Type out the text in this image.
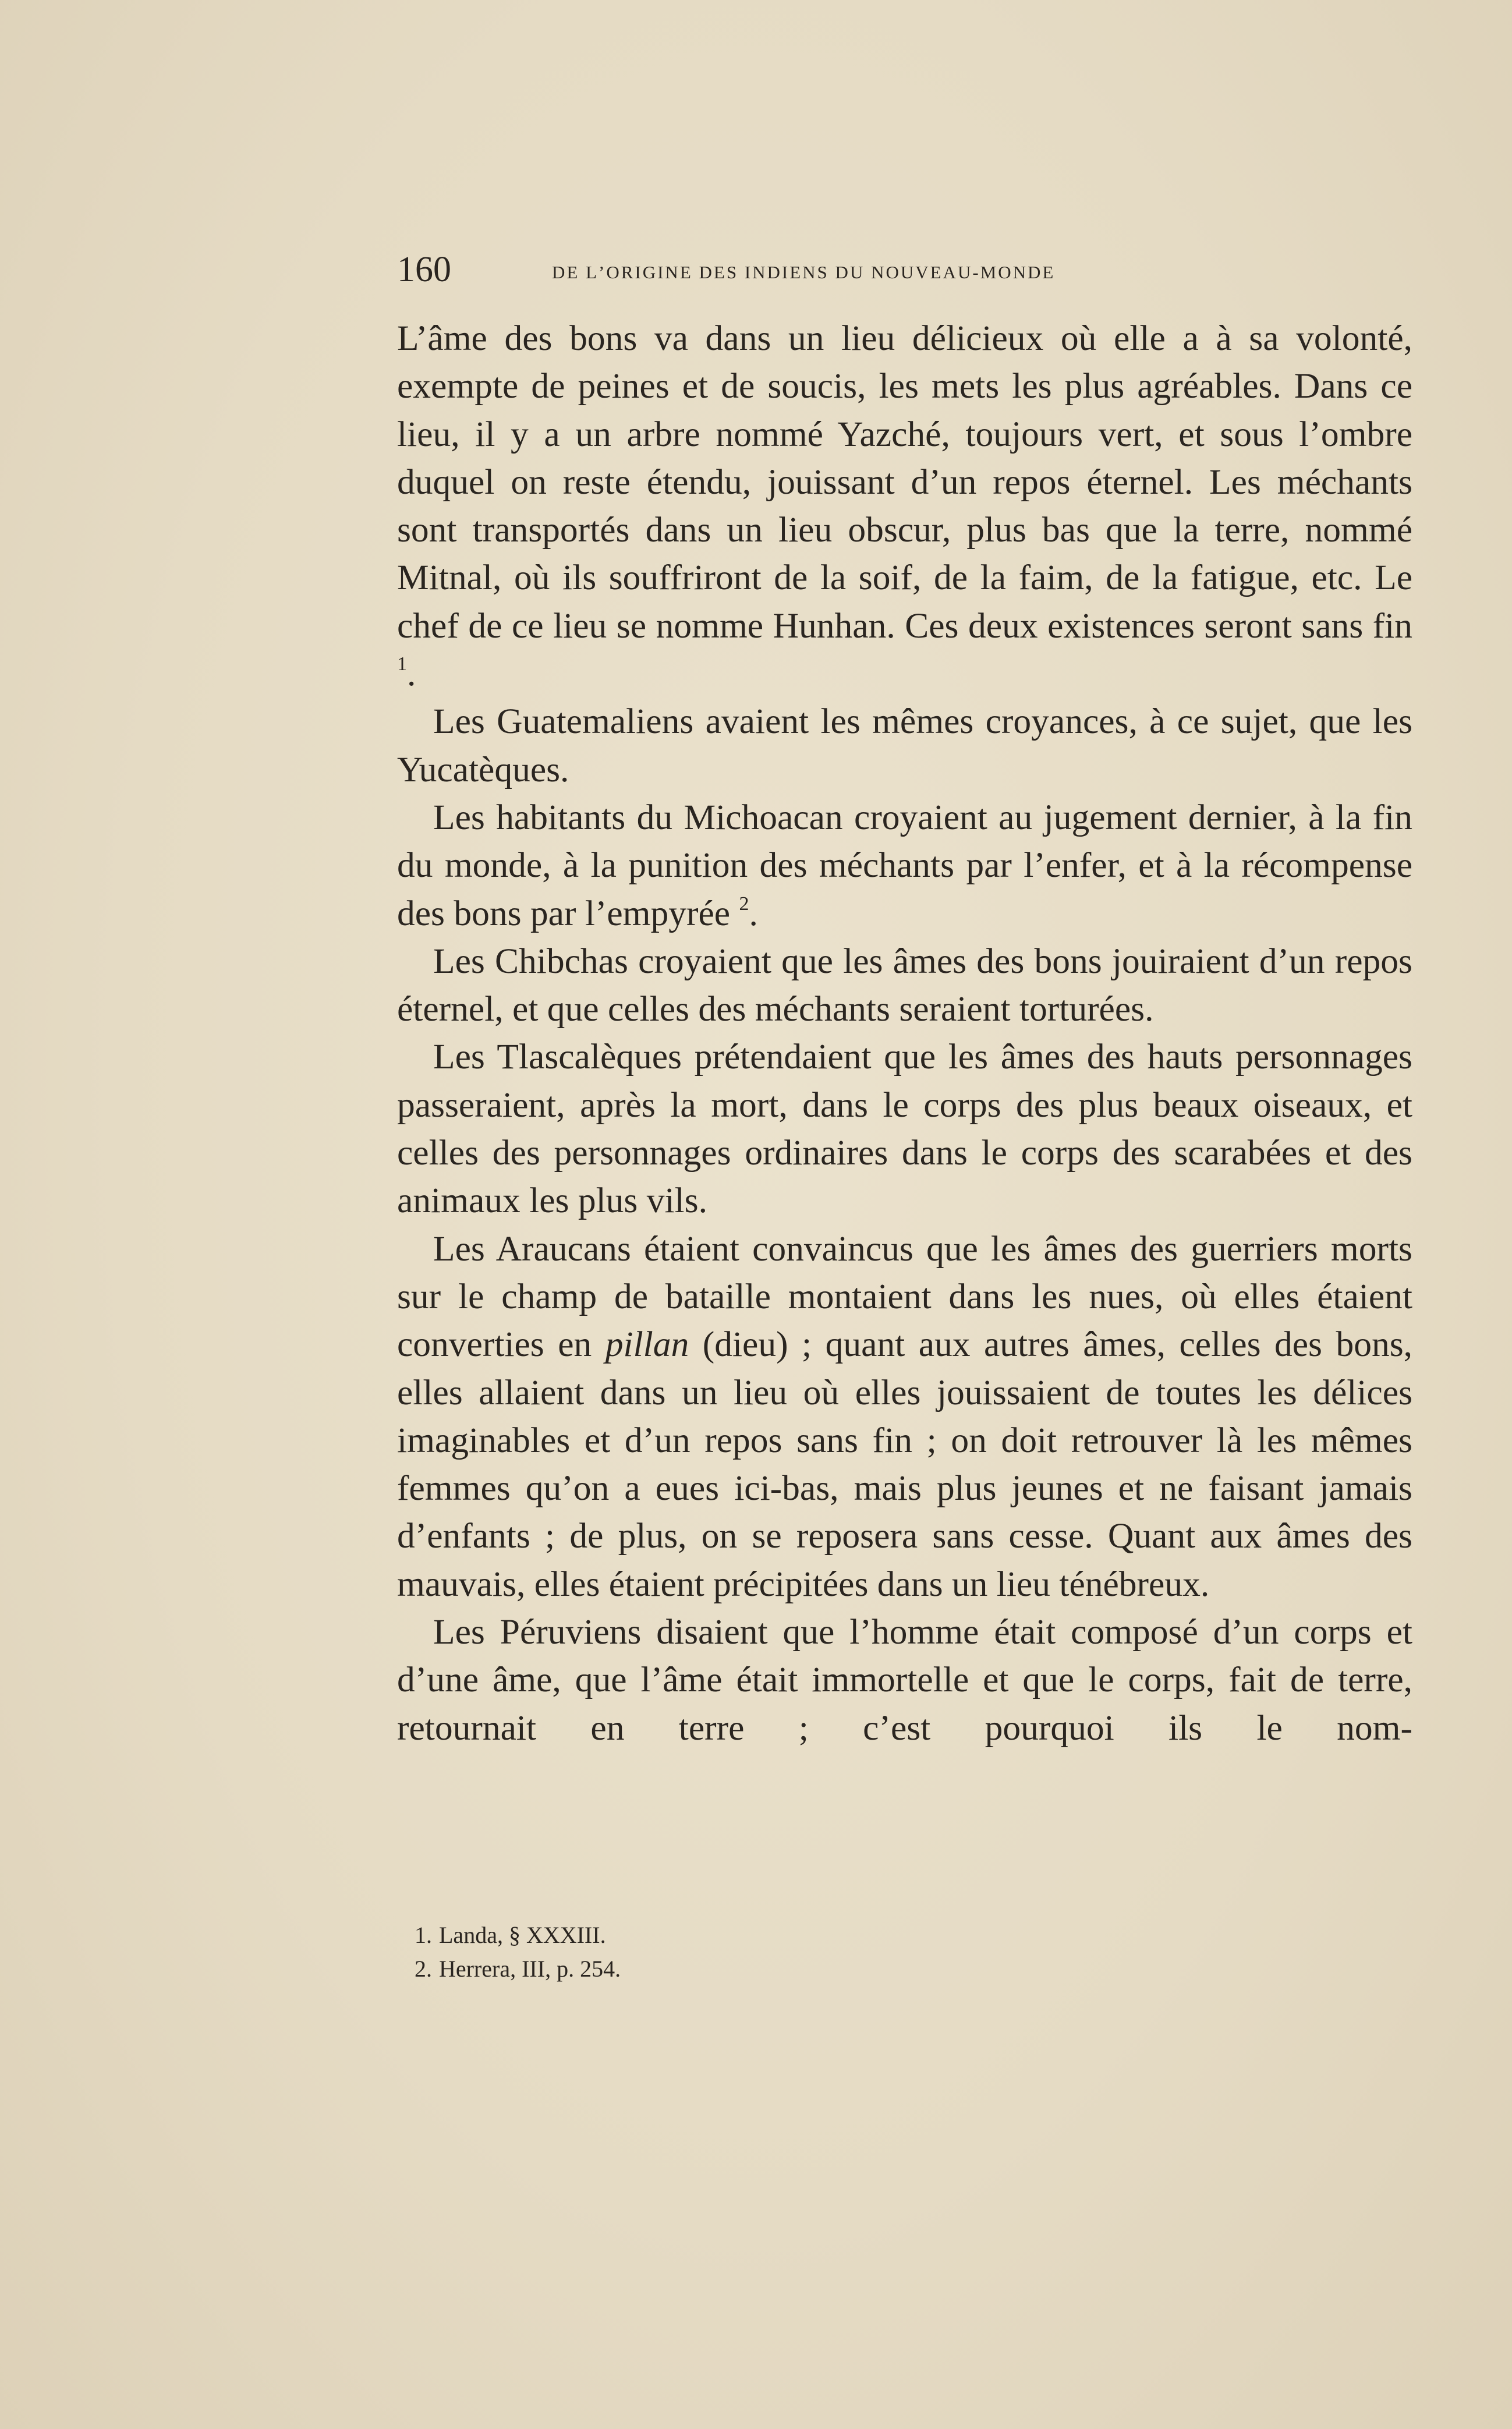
160	de l’origine des indiens du nouveau-monde

L’âme des bons va dans un lieu délicieux où elle a à sa volonté, exempte de peines et de soucis, les mets les plus agréables. Dans ce lieu, il y a un arbre nommé Yazché, toujours vert, et sous l’ombre duquel on reste étendu, jouissant d’un repos éternel. Les méchants sont transportés dans un lieu obscur, plus bas que la terre, nommé Mitnal, où ils souffriront de la soif, de la faim, de la fatigue, etc. Le chef de ce lieu se nomme Hunhan. Ces deux existences seront sans fin $^1$.

Les Guatemaliens avaient les mêmes croyances, à ce sujet, que les Yucatèques.

Les habitants du Michoacan croyaient au jugement dernier, à la fin du monde, à la punition des méchants par l’enfer, et à la récompense des bons par l’empyrée $^2$.

Les Chibchas croyaient que les âmes des bons jouiraient d’un repos éternel, et que celles des méchants seraient torturées.

Les Tlascalèques prétendaient que les âmes des hauts personnages passeraient, après la mort, dans le corps des plus beaux oiseaux, et celles des personnages ordinaires dans le corps des scarabées et des animaux les plus vils.

Les Araucans étaient convaincus que les âmes des guerriers morts sur le champ de bataille montaient dans les nues, où elles étaient converties en pillan (dieu) ; quant aux autres âmes, celles des bons, elles allaient dans un lieu où elles jouissaient de toutes les délices imaginables et d’un repos sans fin ; on doit retrouver là les mêmes femmes qu’on a eues ici-bas, mais plus jeunes et ne faisant jamais d’enfants ; de plus, on se reposera sans cesse. Quant aux âmes des mauvais, elles étaient précipitées dans un lieu ténébreux.

Les Péruviens disaient que l’homme était composé d’un corps et d’une âme, que l’âme était immortelle et que le corps, fait de terre, retournait en terre ; c’est pourquoi ils le nom-

1. Landa, § XXXIII.
2. Herrera, III, p. 254.
